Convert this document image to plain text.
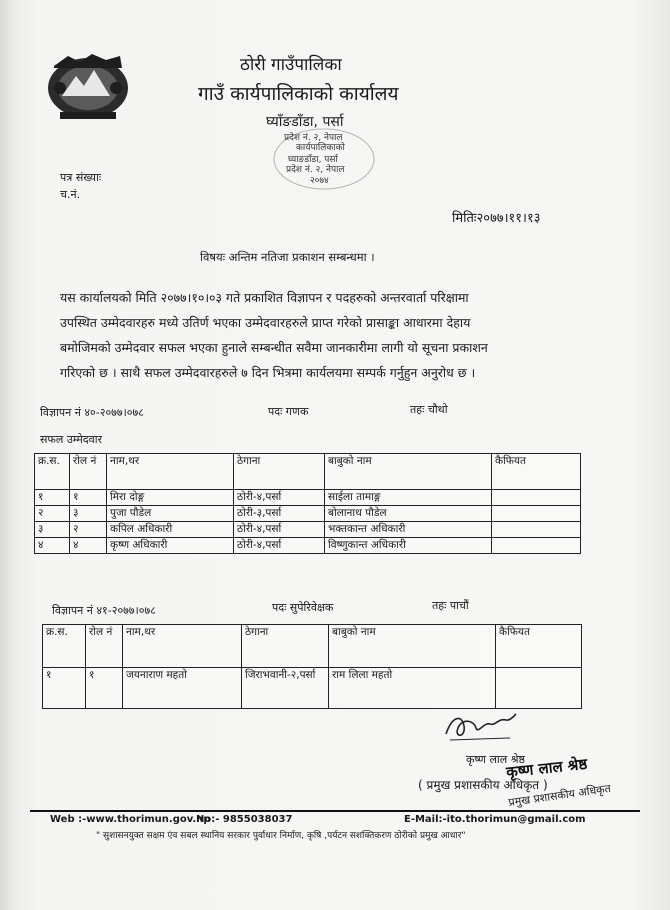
ठोरी गाउँपालिका
गाउँ कार्यपालिकाको कार्यालय
घ्याँङडाँडा, पर्सा
प्रदेश नं. २, नेपाल
कार्यपालिकाको
घ्याङडाँडा, पर्सा
प्रदेश नं. २, नेपाल
२०७४
पत्र संख्याः
च.नं.
मितिः२०७७।११।१३
विषयः अन्तिम नतिजा प्रकाशन सम्बन्धमा ।
यस कार्यालयको मिति २०७७।१०।०३ गते प्रकाशित विज्ञापन र पदहरुको अन्तरवार्ता परिक्षामा
उपस्थित उम्मेदवारहरु मध्ये उतिर्ण भएका उम्मेदवारहरुले प्राप्त गरेको प्रासाङ्का आधारमा देहाय
बमोजिमको उम्मेदवार सफल भएका हुनाले सम्बन्धीत सवैमा जानकारीमा लागी यो सूचना प्रकाशन
गरिएको छ । साथै सफल उम्मेदवारहरुले ७ दिन भित्रमा कार्यलयमा सम्पर्क गर्नुहुन अनुरोध छ ।
विज्ञापन नं ४०-२०७७।०७८	पदः गणक	तहः चौथो
सफल उम्मेदवार
क्र.स.	रोल नं	नाम,थर	ठेगाना	बाबुको नाम	कैफियत
१	१	मिरा दोङ्ग	ठोरी-४,पर्सा	साईला तामाङ्ग	
२	३	पुजा पौडेल	ठोरी-३,पर्सा	बोलानाथ पौडेल	
३	२	कपिल अधिकारी	ठोरी-४,पर्सा	भक्तकान्त अधिकारी	
४	४	कृष्ण अधिकारी	ठोरी-४,पर्सा	विष्णुकान्त अधिकारी	
विज्ञापन नं ४१-२०७७।०७८	पदः सुपेरिवेक्षक	तहः पाचौं
क्र.स.	रोल नं	नाम,थर	ठेगाना	बाबुको नाम	कैफियत
१	१	जयनाराण महतो	जिराभवानी-२,पर्सा	राम लिला महतो	
कृष्ण लाल श्रेष्ठ
( प्रमुख प्रशासकीय अधिकृत )
कृष्ण लाल श्रेष्ठ
प्रमुख प्रशासकीय अधिकृत
Web :-www.thorimun.gov.np
No:- 9855038037	E-Mail:-ito.thorimun@gmail.com
" सुशासनयुक्त सक्षम एंव सबल स्थानिय सरकार पुर्वाधार निर्माण, कृषि ,पर्यटन सशक्तिकरण ठोरीको प्रमुख आधार"
